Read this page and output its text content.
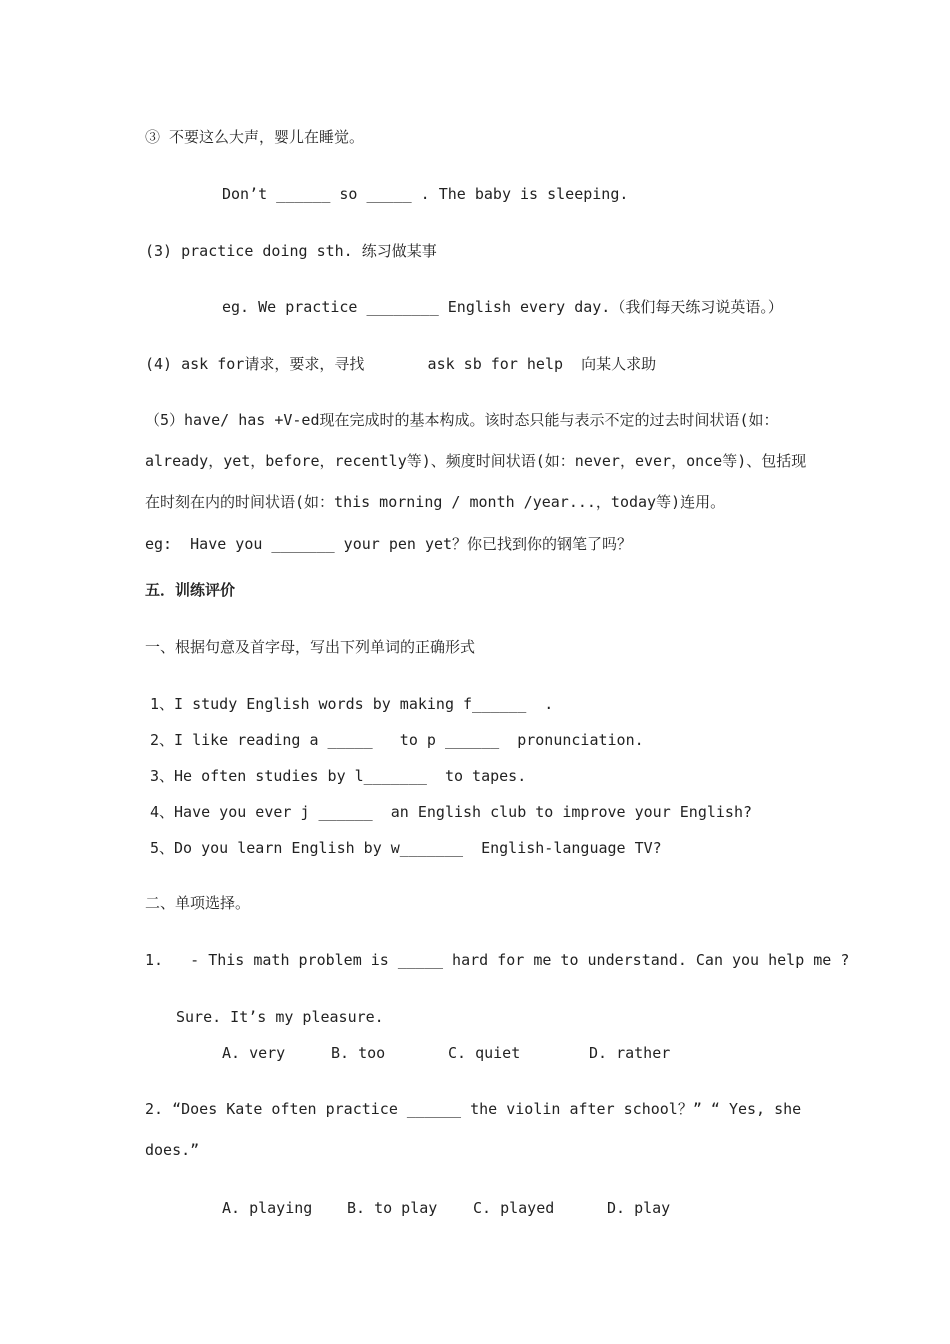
③ 不要这么大声，婴儿在睡觉。
Don’t ______ so _____ . The baby is sleeping.
(3) practice doing sth. 练习做某事
eg. We practice ________ English every day.（我们每天练习说英语。）
(4) ask for请求，要求，寻找       ask sb for help  向某人求助
（5）have/ has +V-ed现在完成时的基本构成。该时态只能与表示不定的过去时间状语(如：already，yet，before，recently等)、频度时间状语(如：never，ever，once等)、包括现在时刻在内的时间状语(如：this morning / month /year...，today等)连用。
eg:  Have you _______ your pen yet？你已找到你的钢笔了吗？
五．训练评价
一、根据句意及首字母，写出下列单词的正确形式
1、I study English words by making f______  .
2、I like reading a _____   to p ______  pronunciation.
3、He often studies by l_______  to tapes.
4、Have you ever j ______  an English club to improve your English?
5、Do you learn English by w_______  English-language TV?
二、单项选择。
1.   - This math problem is _____ hard for me to understand. Can you help me ?
Sure. It’s my pleasure.
A. very	B. too	C. quiet	D. rather
2. “Does Kate often practice ______ the violin after school？” “ Yes, she does.”
A. playing B. to play C. played	D. play
